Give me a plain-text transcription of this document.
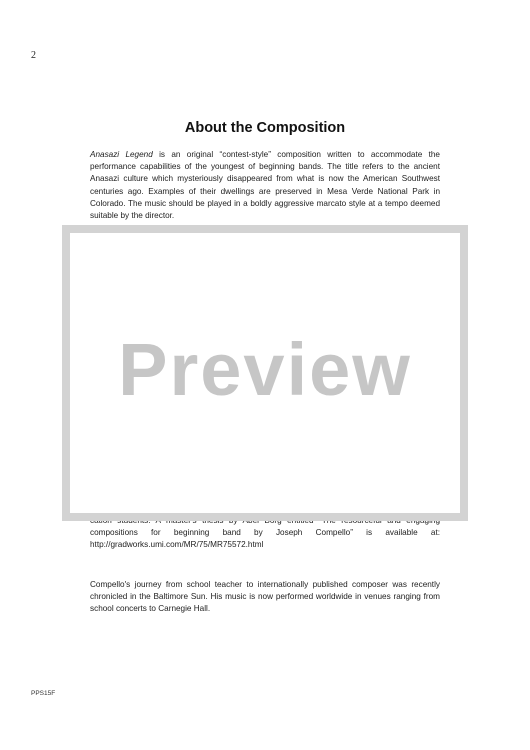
2
About the Composition
Anasazi Legend is an original “contest-style” composition written to accommodate the performance capabilities of the youngest of beginning bands. The title refers to the ancient Anasazi culture which mysteriously disappeared from what is now the American Southwest centuries ago. Examples of their dwellings are preserved in Mesa Verde National Park in Colorado. The music should be played in a boldly aggressive marcato style at a tempo deemed suitable by the director.
compositions for beginning band by Joseph Compello” is available at: http://gradworks.umi.com/MR/75/MR75572.html
Compello's journey from school teacher to internationally published composer was recently chronicled in the Baltimore Sun. His music is now performed worldwide in venues ranging from school concerts to Carnegie Hall.
Preview
PPS15F
